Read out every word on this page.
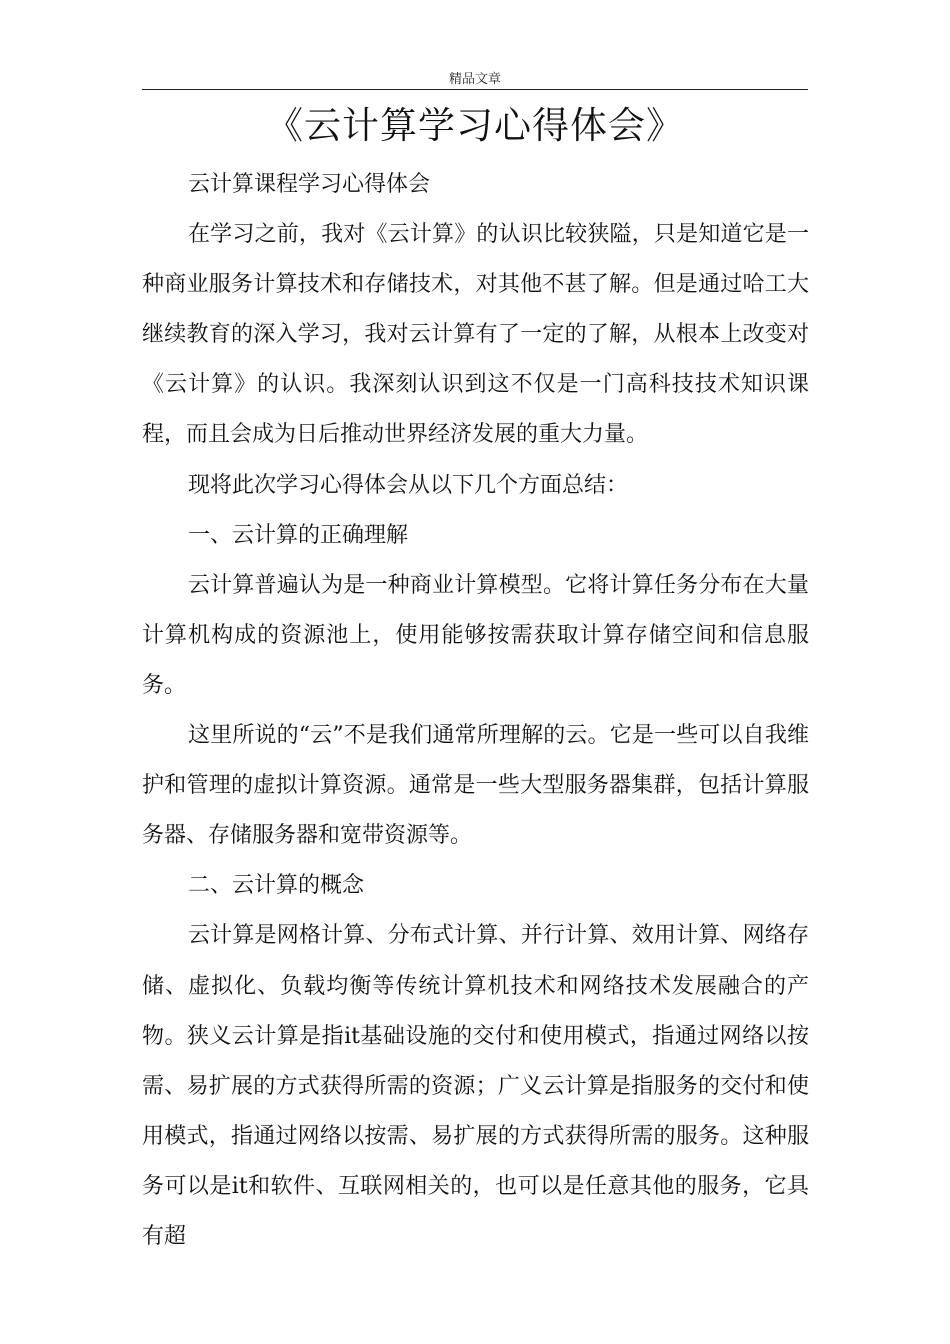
精品文章
《云计算学习心得体会》

云计算课程学习心得体会

在学习之前，我对《云计算》的认识比较狭隘，只是知道它是一种商业服务计算技术和存储技术，对其他不甚了解。但是通过哈工大继续教育的深入学习，我对云计算有了一定的了解，从根本上改变对《云计算》的认识。我深刻认识到这不仅是一门高科技技术知识课程，而且会成为日后推动世界经济发展的重大力量。

现将此次学习心得体会从以下几个方面总结：

一、云计算的正确理解

云计算普遍认为是一种商业计算模型。它将计算任务分布在大量计算机构成的资源池上，使用能够按需获取计算存储空间和信息服务。

这里所说的“云”不是我们通常所理解的云。它是一些可以自我维护和管理的虚拟计算资源。通常是一些大型服务器集群，包括计算服务器、存储服务器和宽带资源等。

二、云计算的概念

云计算是网格计算、分布式计算、并行计算、效用计算、网络存储、虚拟化、负载均衡等传统计算机技术和网络技术发展融合的产物。狭义云计算是指it基础设施的交付和使用模式，指通过网络以按需、易扩展的方式获得所需的资源；广义云计算是指服务的交付和使用模式，指通过网络以按需、易扩展的方式获得所需的服务。这种服务可以是it和软件、互联网相关的，也可以是任意其他的服务，它具有超
